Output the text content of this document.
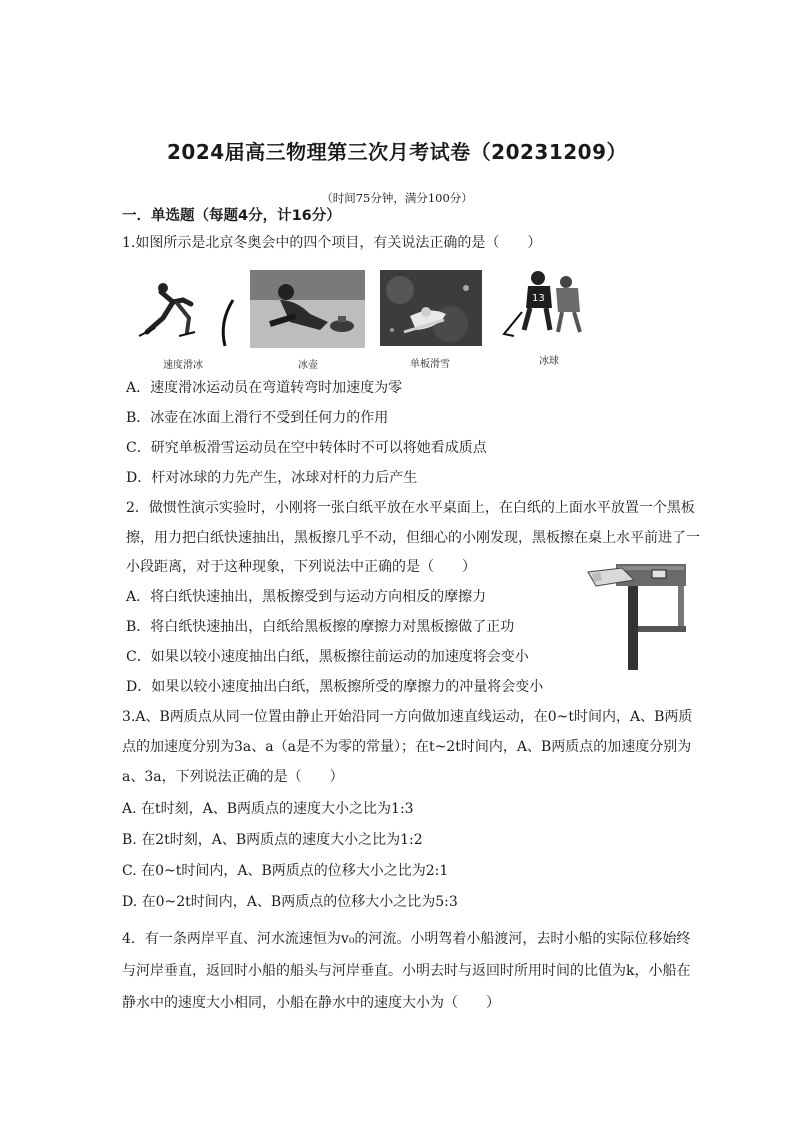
2024届高三物理第三次月考试卷（20231209）
（时间75分钟，满分100分）
一．单选题（每题4分，计16分）
1.如图所示是北京冬奥会中的四个项目，有关说法正确的是（　　）
速度滑冰	冰壶	单板滑雪
13
冰球
A．速度滑冰运动员在弯道转弯时加速度为零
B．冰壶在冰面上滑行不受到任何力的作用
C．研究单板滑雪运动员在空中转体时不可以将她看成质点
D．杆对冰球的力先产生，冰球对杆的力后产生
2．做惯性演示实验时，小刚将一张白纸平放在水平桌面上，在白纸的上面水平放置一个黑板
擦，用力把白纸快速抽出，黑板擦几乎不动，但细心的小刚发现，黑板擦在桌上水平前进了一
小段距离，对于这种现象，下列说法中正确的是（　　）
A．将白纸快速抽出，黑板擦受到与运动方向相反的摩擦力
B．将白纸快速抽出，白纸给黑板擦的摩擦力对黑板擦做了正功
C．如果以较小速度抽出白纸，黑板擦往前运动的加速度将会变小
D．如果以较小速度抽出白纸，黑板擦所受的摩擦力的冲量将会变小
3.A、B两质点从同一位置由静止开始沿同一方向做加速直线运动，在0~t时间内，A、B两质
点的加速度分别为3a、a（a是不为零的常量）；在t~2t时间内，A、B两质点的加速度分别为
a、3a，下列说法正确的是（　　）
A. 在t时刻，A、B两质点的速度大小之比为1:3
B. 在2t时刻，A、B两质点的速度大小之比为1:2
C. 在0~t时间内，A、B两质点的位移大小之比为2:1
D. 在0~2t时间内，A、B两质点的位移大小之比为5:3
4．有一条两岸平直、河水流速恒为v₀的河流。小明驾着小船渡河，去时小船的实际位移始终
与河岸垂直，返回时小船的船头与河岸垂直。小明去时与返回时所用时间的比值为k，小船在
静水中的速度大小相同，小船在静水中的速度大小为（　　）
